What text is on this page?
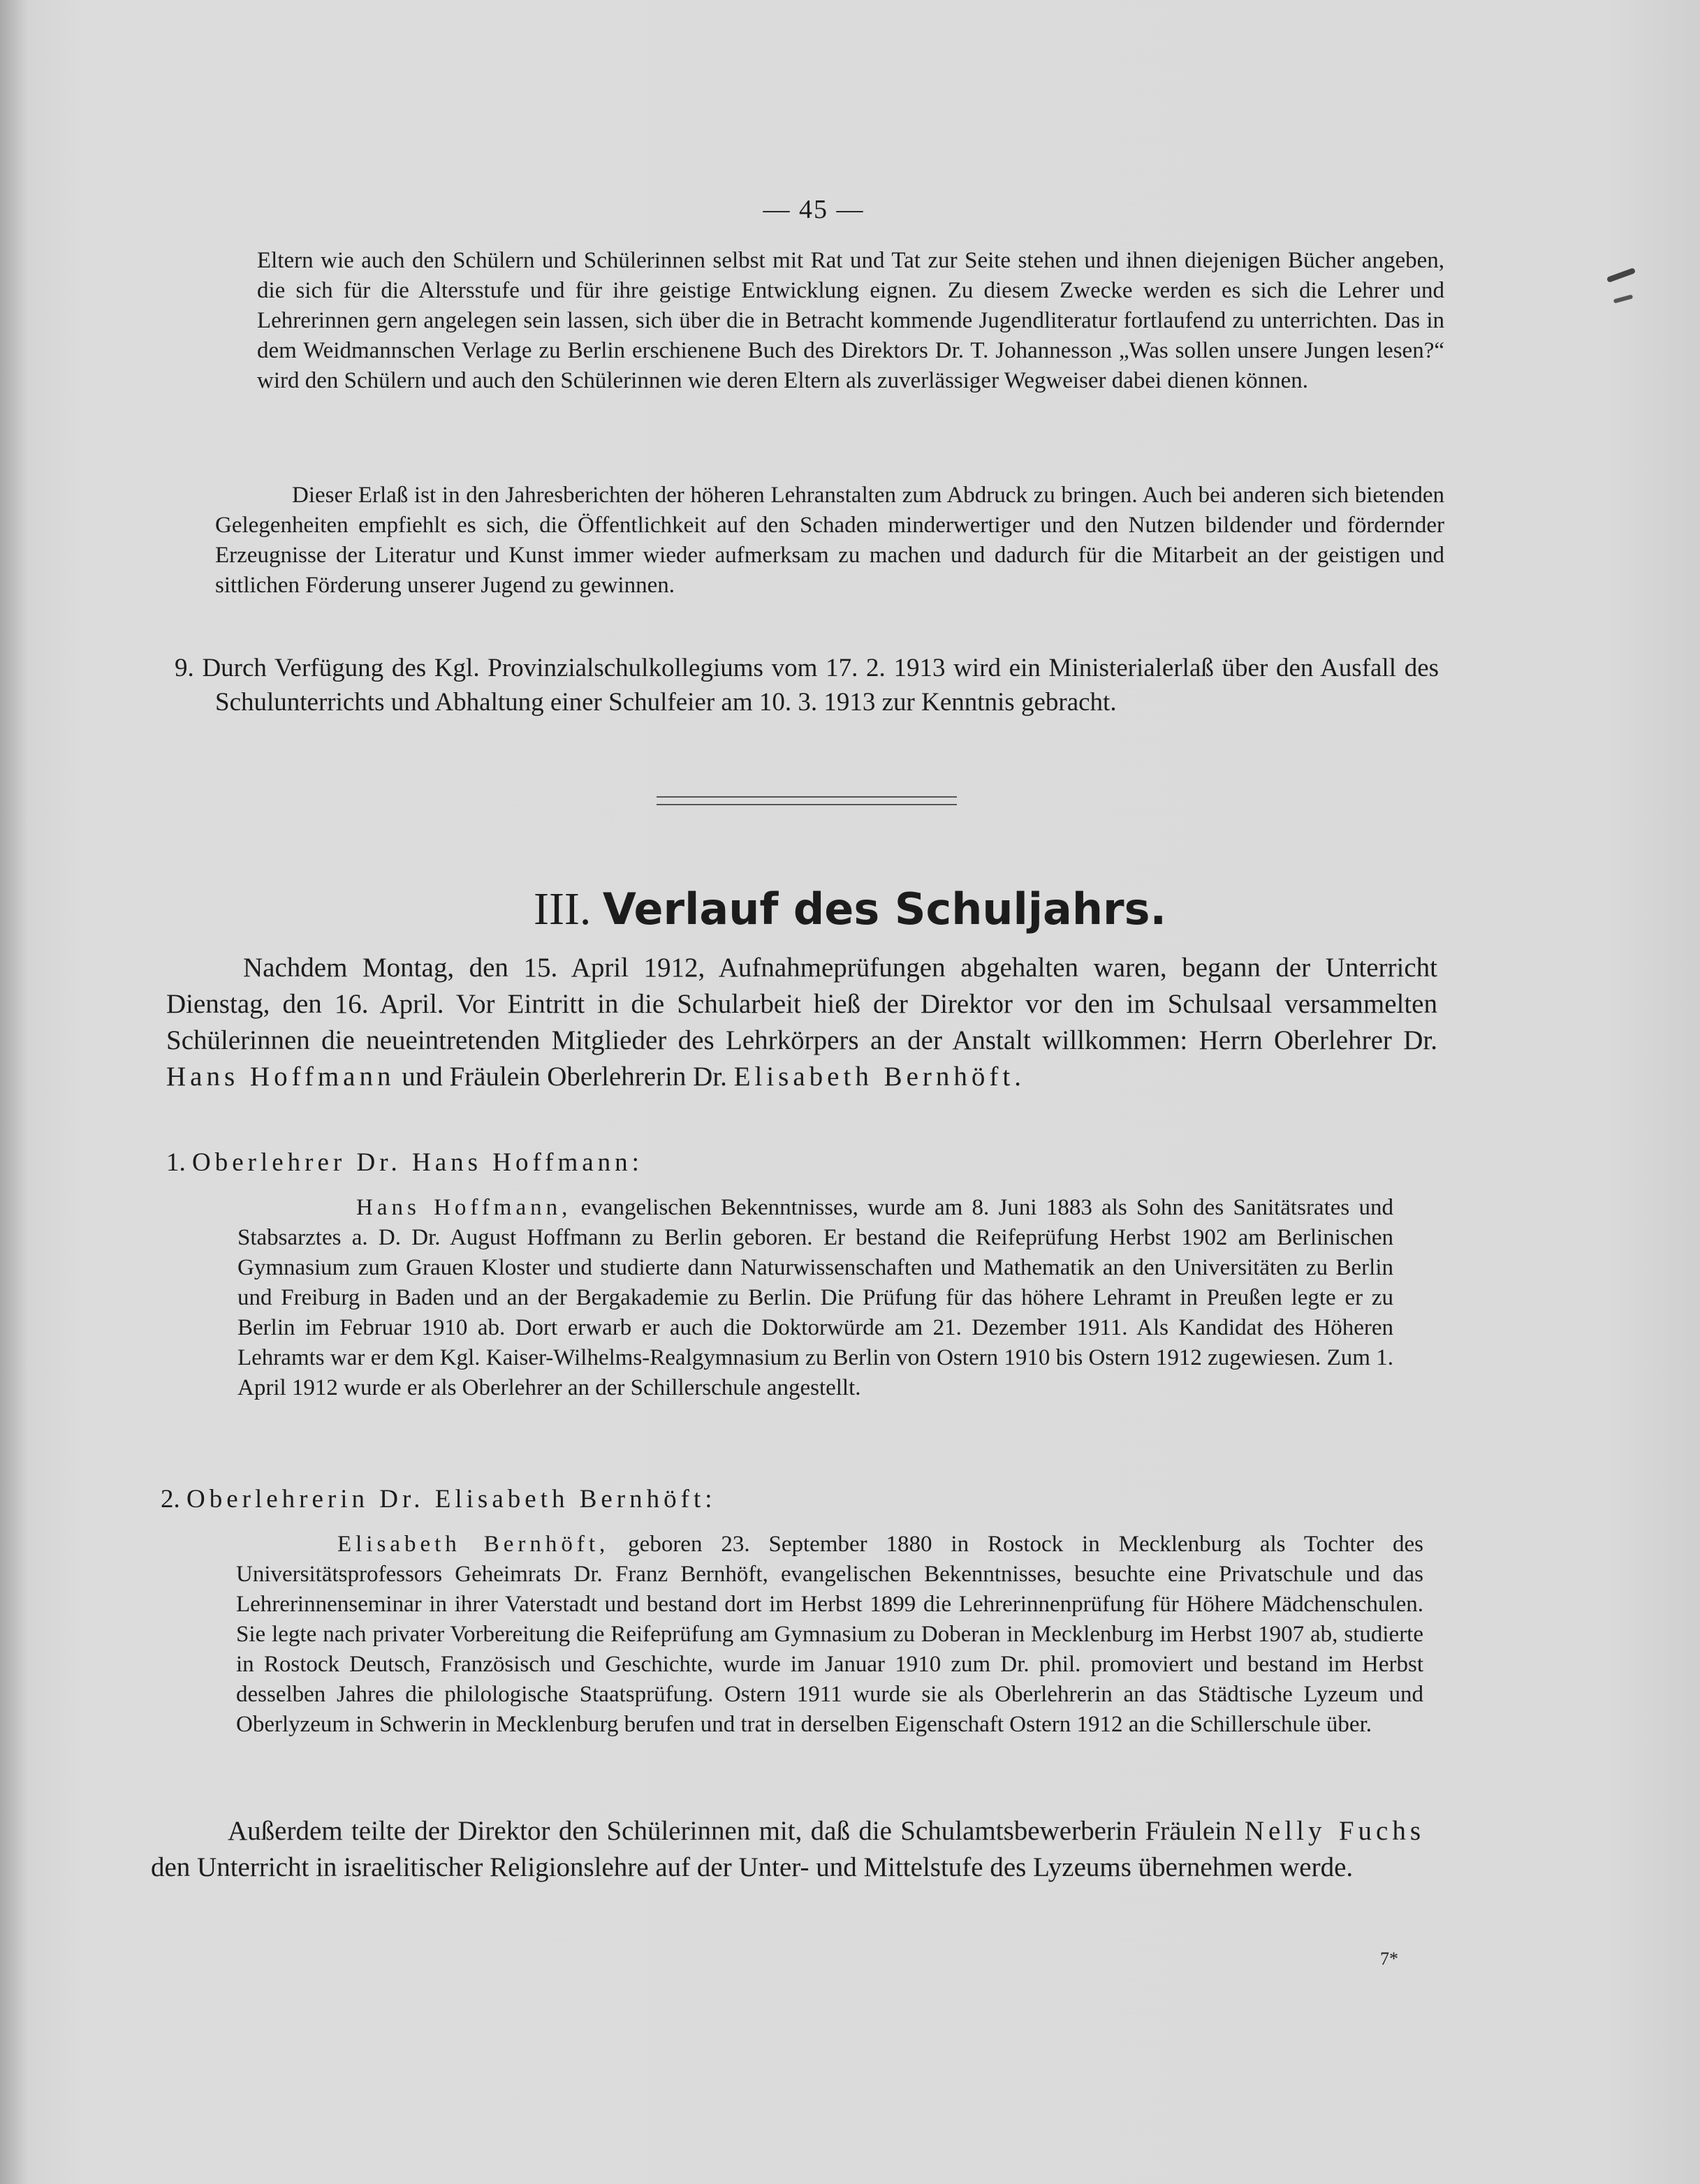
— 45 —

Eltern wie auch den Schülern und Schülerinnen selbst mit Rat und Tat zur Seite stehen und ihnen diejenigen Bücher angeben, die sich für die Altersstufe und für ihre geistige Entwicklung eignen. Zu diesem Zwecke werden es sich die Lehrer und Lehrerinnen gern angelegen sein lassen, sich über die in Betracht kommende Jugendliteratur fortlaufend zu unterrichten. Das in dem Weidmannschen Verlage zu Berlin erschienene Buch des Direktors Dr. T. Johannesson „Was sollen unsere Jungen lesen?“ wird den Schülern und auch den Schülerinnen wie deren Eltern als zuverlässiger Wegweiser dabei dienen können.

Dieser Erlaß ist in den Jahresberichten der höheren Lehranstalten zum Abdruck zu bringen. Auch bei anderen sich bietenden Gelegenheiten empfiehlt es sich, die Öffentlichkeit auf den Schaden minderwertiger und den Nutzen bildender und fördernder Erzeugnisse der Literatur und Kunst immer wieder aufmerksam zu machen und dadurch für die Mitarbeit an der geistigen und sittlichen Förderung unserer Jugend zu gewinnen.

9. Durch Verfügung des Kgl. Provinzialschulkollegiums vom 17. 2. 1913 wird ein Ministerialerlaß über den Ausfall des Schulunterrichts und Abhaltung einer Schulfeier am 10. 3. 1913 zur Kenntnis gebracht.

III. Verlauf des Schuljahrs.

Nachdem Montag, den 15. April 1912, Aufnahmeprüfungen abgehalten waren, begann der Unterricht Dienstag, den 16. April. Vor Eintritt in die Schularbeit hieß der Direktor vor den im Schulsaal versammelten Schülerinnen die neueintretenden Mitglieder des Lehrkörpers an der Anstalt willkommen: Herrn Oberlehrer Dr. Hans Hoffmann und Fräulein Oberlehrerin Dr. Elisabeth Bernhöft.

1. Oberlehrer Dr. Hans Hoffmann:

Hans Hoffmann, evangelischen Bekenntnisses, wurde am 8. Juni 1883 als Sohn des Sanitätsrates und Stabsarztes a. D. Dr. August Hoffmann zu Berlin geboren. Er bestand die Reifeprüfung Herbst 1902 am Berlinischen Gymnasium zum Grauen Kloster und studierte dann Naturwissenschaften und Mathematik an den Universitäten zu Berlin und Freiburg in Baden und an der Bergakademie zu Berlin. Die Prüfung für das höhere Lehramt in Preußen legte er zu Berlin im Februar 1910 ab. Dort erwarb er auch die Doktorwürde am 21. Dezember 1911. Als Kandidat des Höheren Lehramts war er dem Kgl. Kaiser-Wilhelms-Realgymnasium zu Berlin von Ostern 1910 bis Ostern 1912 zugewiesen. Zum 1. April 1912 wurde er als Oberlehrer an der Schillerschule angestellt.

2. Oberlehrerin Dr. Elisabeth Bernhöft:

Elisabeth Bernhöft, geboren 23. September 1880 in Rostock in Mecklenburg als Tochter des Universitätsprofessors Geheimrats Dr. Franz Bernhöft, evangelischen Bekenntnisses, besuchte eine Privatschule und das Lehrerinnenseminar in ihrer Vaterstadt und bestand dort im Herbst 1899 die Lehrerinnenprüfung für Höhere Mädchenschulen. Sie legte nach privater Vorbereitung die Reifeprüfung am Gymnasium zu Doberan in Mecklenburg im Herbst 1907 ab, studierte in Rostock Deutsch, Französisch und Geschichte, wurde im Januar 1910 zum Dr. phil. promoviert und bestand im Herbst desselben Jahres die philologische Staatsprüfung. Ostern 1911 wurde sie als Oberlehrerin an das Städtische Lyzeum und Oberlyzeum in Schwerin in Mecklenburg berufen und trat in derselben Eigenschaft Ostern 1912 an die Schillerschule über.

Außerdem teilte der Direktor den Schülerinnen mit, daß die Schulamtsbewerberin Fräulein Nelly Fuchs den Unterricht in israelitischer Religionslehre auf der Unter- und Mittelstufe des Lyzeums übernehmen werde.

7*
